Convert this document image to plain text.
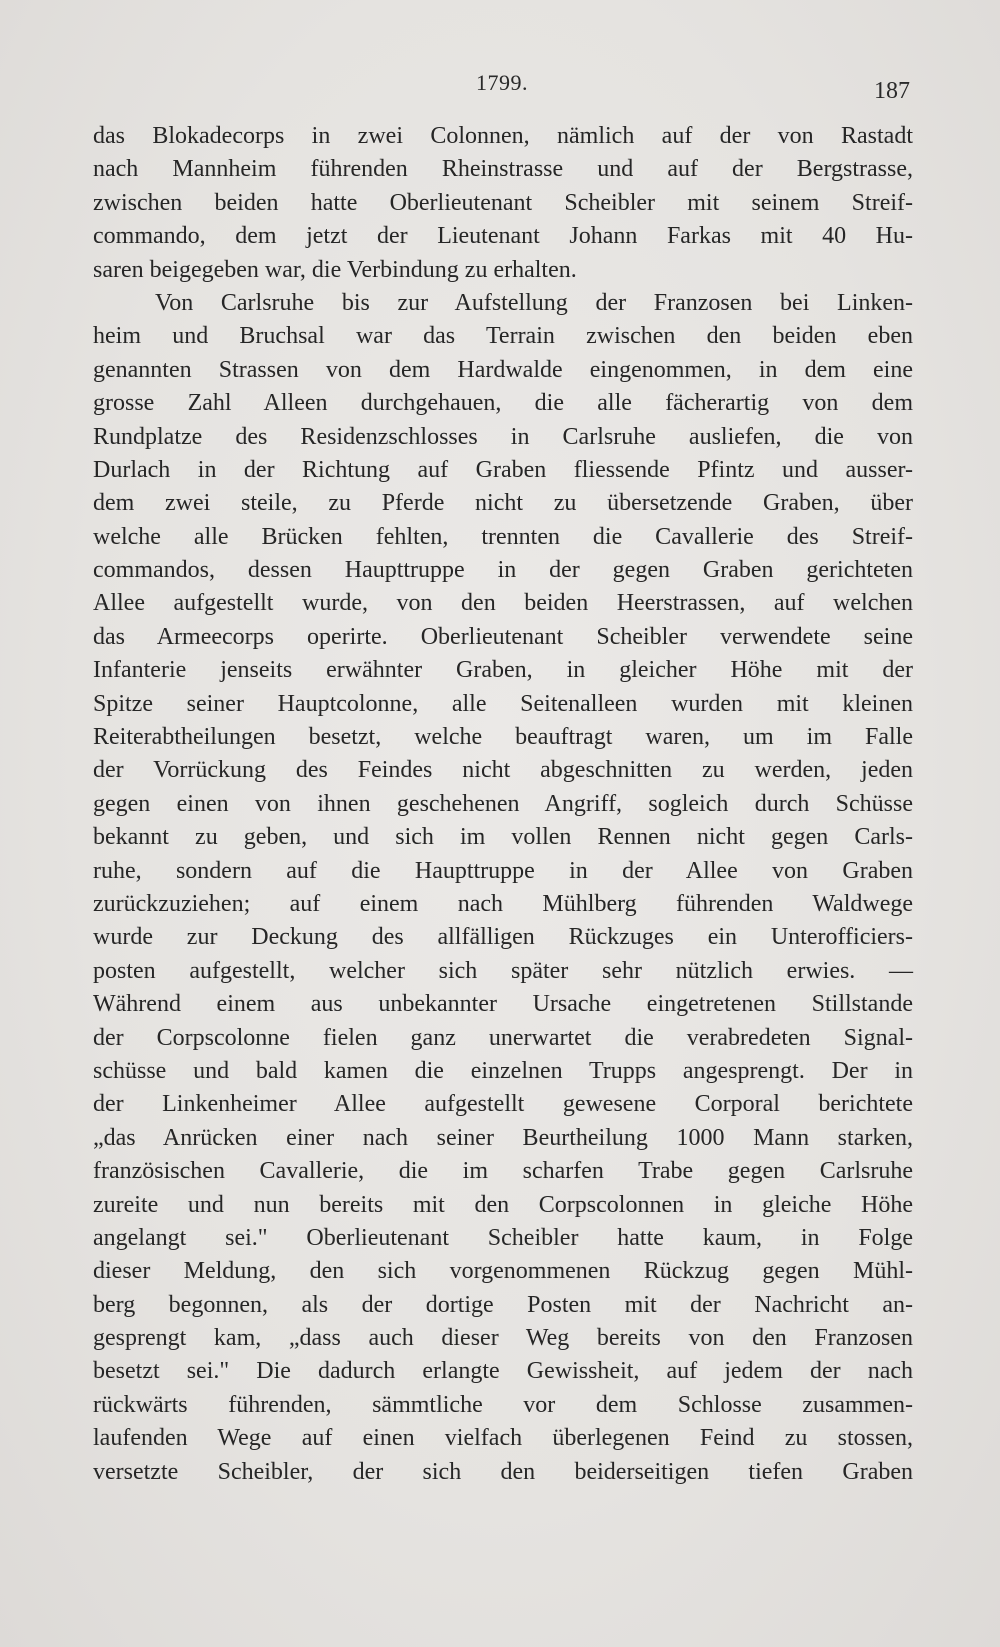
1799.	187
das Blokadecorps in zwei Colonnen, nämlich auf der von Rastadt
nach Mannheim führenden Rheinstrasse und auf der Bergstrasse,
zwischen beiden hatte Oberlieutenant Scheibler mit seinem Streif-
commando, dem jetzt der Lieutenant Johann Farkas mit 40 Hu-
saren beigegeben war, die Verbindung zu erhalten.
Von Carlsruhe bis zur Aufstellung der Franzosen bei Linken-
heim und Bruchsal war das Terrain zwischen den beiden eben
genannten Strassen von dem Hardwalde eingenommen, in dem eine
grosse Zahl Alleen durchgehauen, die alle fächerartig von dem
Rundplatze des Residenzschlosses in Carlsruhe ausliefen, die von
Durlach in der Richtung auf Graben fliessende Pfintz und ausser-
dem zwei steile, zu Pferde nicht zu übersetzende Graben, über
welche alle Brücken fehlten, trennten die Cavallerie des Streif-
commandos, dessen Haupttruppe in der gegen Graben gerichteten
Allee aufgestellt wurde, von den beiden Heerstrassen, auf welchen
das Armeecorps operirte. Oberlieutenant Scheibler verwendete seine
Infanterie jenseits erwähnter Graben, in gleicher Höhe mit der
Spitze seiner Hauptcolonne, alle Seitenalleen wurden mit kleinen
Reiterabtheilungen besetzt, welche beauftragt waren, um im Falle
der Vorrückung des Feindes nicht abgeschnitten zu werden, jeden
gegen einen von ihnen geschehenen Angriff, sogleich durch Schüsse
bekannt zu geben, und sich im vollen Rennen nicht gegen Carls-
ruhe, sondern auf die Haupttruppe in der Allee von Graben
zurückzuziehen; auf einem nach Mühlberg führenden Waldwege
wurde zur Deckung des allfälligen Rückzuges ein Unterofficiers-
posten aufgestellt, welcher sich später sehr nützlich erwies. —
Während einem aus unbekannter Ursache eingetretenen Stillstande
der Corpscolonne fielen ganz unerwartet die verabredeten Signal-
schüsse und bald kamen die einzelnen Trupps angesprengt. Der in
der Linkenheimer Allee aufgestellt gewesene Corporal berichtete
„das Anrücken einer nach seiner Beurtheilung 1000 Mann starken,
französischen Cavallerie, die im scharfen Trabe gegen Carlsruhe
zureite und nun bereits mit den Corpscolonnen in gleiche Höhe
angelangt sei." Oberlieutenant Scheibler hatte kaum, in Folge
dieser Meldung, den sich vorgenommenen Rückzug gegen Mühl-
berg begonnen, als der dortige Posten mit der Nachricht an-
gesprengt kam, „dass auch dieser Weg bereits von den Franzosen
besetzt sei." Die dadurch erlangte Gewissheit, auf jedem der nach
rückwärts führenden, sämmtliche vor dem Schlosse zusammen-
laufenden Wege auf einen vielfach überlegenen Feind zu stossen,
versetzte Scheibler, der sich den beiderseitigen tiefen Graben
